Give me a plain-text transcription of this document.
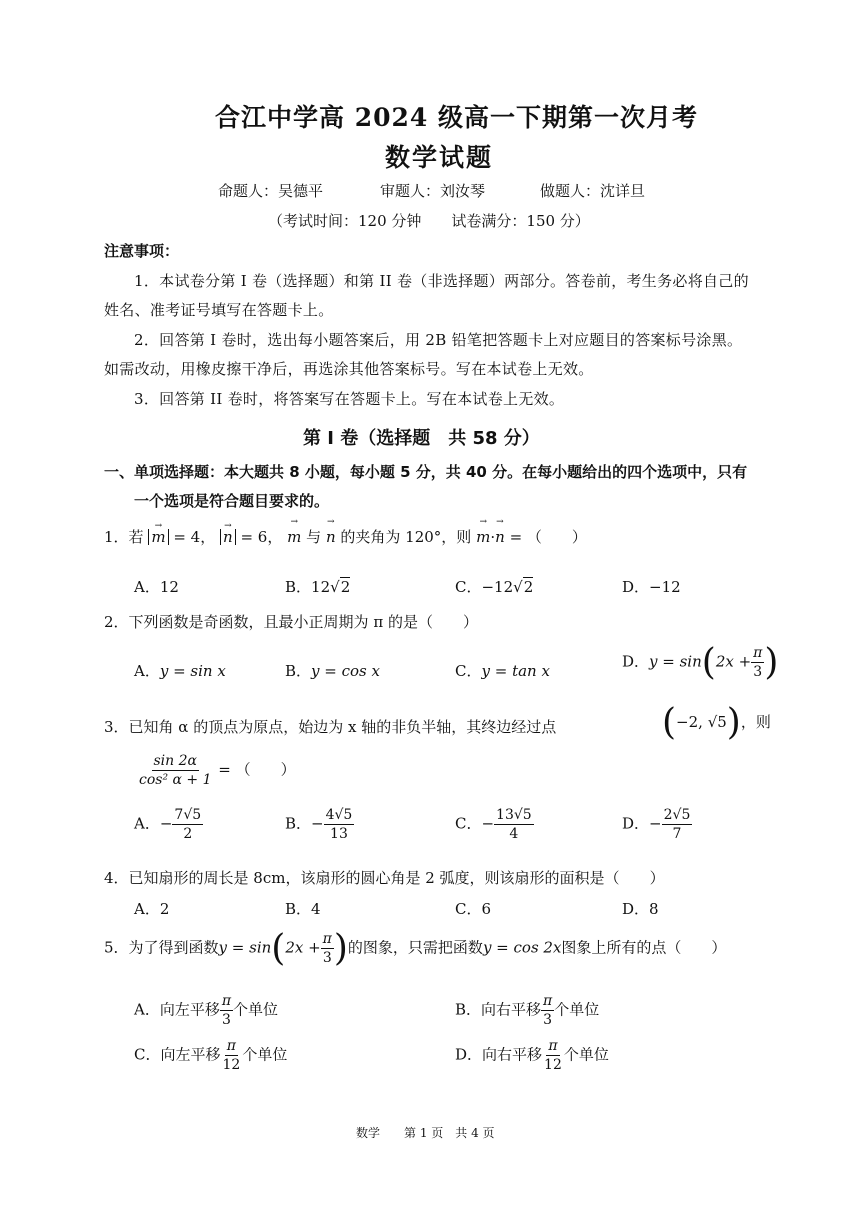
合江中学高 2024 级高一下期第一次月考
数学试题
命题人：吴德平	审题人：刘汝琴	做题人：沈详旦
（考试时间：120 分钟　　试卷满分：150 分）
注意事项：
1．本试卷分第 I 卷（选择题）和第 II 卷（非选择题）两部分。答卷前，考生务必将自己的
姓名、准考证号填写在答题卡上。
2．回答第 I 卷时，选出每小题答案后，用 2B 铅笔把答题卡上对应题目的答案标号涂黑。
如需改动，用橡皮擦干净后，再选涂其他答案标号。写在本试卷上无效。
3．回答第 II 卷时，将答案写在答题卡上。写在本试卷上无效。
第 I 卷（选择题　共 58 分）
一、单项选择题：本大题共 8 小题，每小题 5 分，共 40 分。在每小题给出的四个选项中，只有
一个选项是符合题目要求的。
1．若 → m = 4， → n = 6， → m 与 → n 的夹角为 120°，则 → m·→ n = （　　）
A．12	B．12√2	C．−12√2	D．−12
2．下列函数是奇函数，且最小正周期为 π 的是（　　）
A．y = sin x	B．y = cos x	C．y = tan x
D．$y = \sin(2x + \frac{\pi}{3}$ )
3．已知角 α 的顶点为原点，始边为 x 轴的非负半轴，其终边经过点	(−2, √5)，则
$\frac{\sin 2\alpha}{\text{cos² α + 1}}$ = （　　）
A．− $\frac{7√5}{2}$	B．− $\frac{4√5}{13}$	C．− $\frac{13√5}{4}$	D．− $\frac{2√5}{7}$
4．已知扇形的周长是 8cm，该扇形的圆心角是 2 弧度，则该扇形的面积是（　　）
A．2	B．4	C．6	D．8
5．为了得到函数$y = \sin(2x + \frac{\pi}{3}$ )的图象，只需把函数y = cos 2x图象上所有的点（　　）
A．向左平移 $\frac{\pi}{3}$ 个单位	B．向右平移 $\frac{\pi}{3}$ 个单位
C．向左平移 $\frac{\pi}{12}$ 个单位	D．向右平移 $\frac{\pi}{12}$ 个单位
数学　　第 1 页　共 4 页
